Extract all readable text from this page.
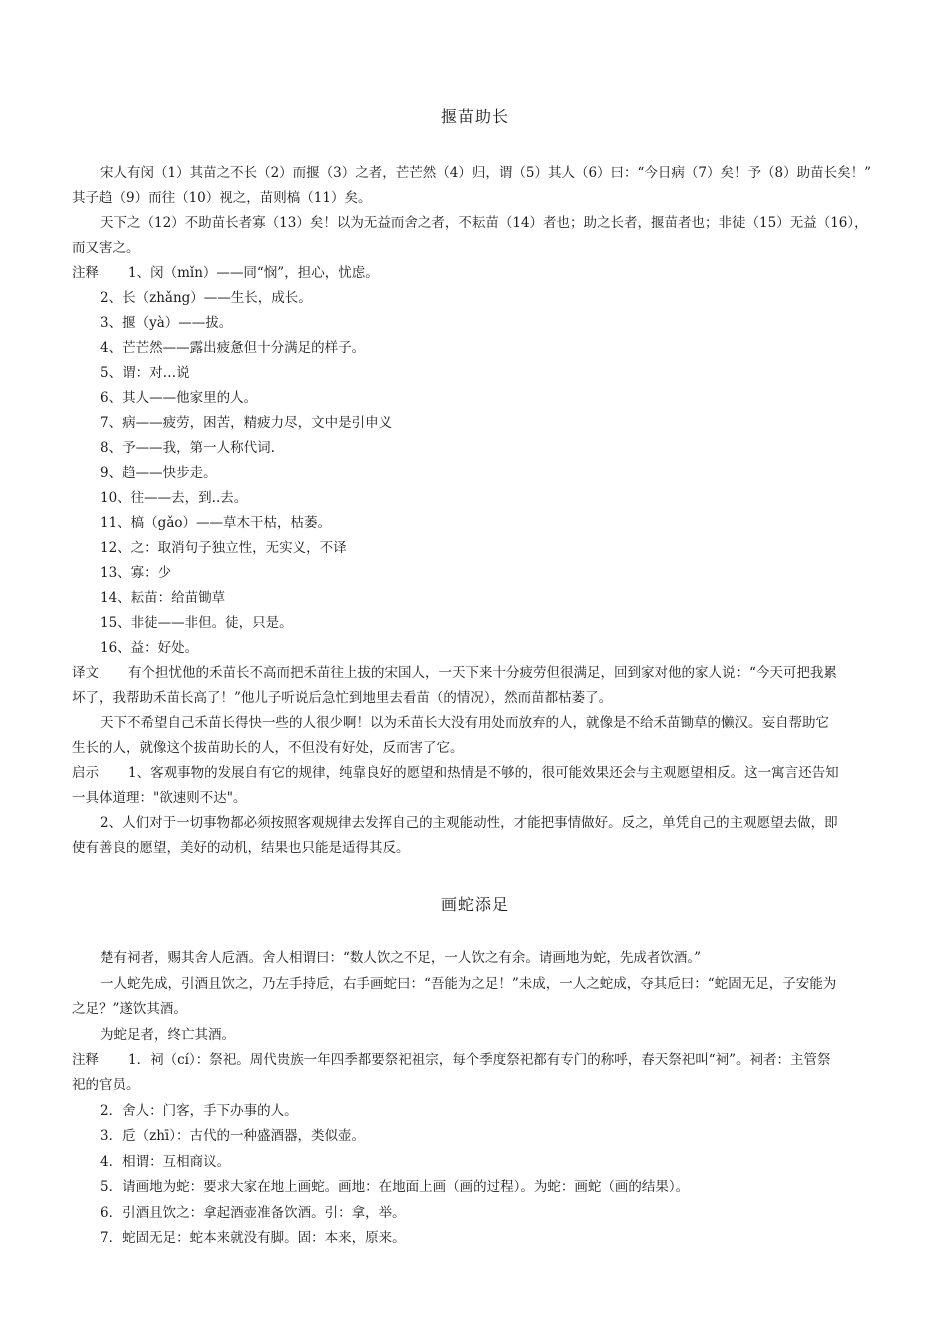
揠苗助长
宋人有闵（1）其苗之不长（2）而揠（3）之者，芒芒然（4）归，谓（5）其人（6）曰：“今日病（7）矣！予（8）助苗长矣！”
其子趋（9）而往（10）视之，苗则槁（11）矣。
天下之（12）不助苗长者寡（13）矣！以为无益而舍之者，不耘苗（14）者也；助之长者，揠苗者也；非徒（15）无益（16），
而又害之。
注释 1、闵（mǐn）——同“悯”，担心，忧虑。
2、长（zhǎng）——生长，成长。
3、揠（yà）——拔。
4、芒芒然——露出疲惫但十分满足的样子。
5、谓：对…说
6、其人——他家里的人。
7、病——疲劳，困苦，精疲力尽，文中是引申义
8、予——我，第一人称代词.
9、趋——快步走。
10、往——去，到..去。
11、槁（gǎo）——草木干枯，枯萎。
12、之：取消句子独立性，无实义，不译
13、寡：少
14、耘苗：给苗锄草
15、非徒——非但。徒，只是。
16、益：好处。
译文 有个担忧他的禾苗长不高而把禾苗往上拔的宋国人，一天下来十分疲劳但很满足，回到家对他的家人说：“今天可把我累
坏了，我帮助禾苗长高了！”他儿子听说后急忙到地里去看苗（的情况），然而苗都枯萎了。
天下不希望自己禾苗长得快一些的人很少啊！以为禾苗长大没有用处而放弃的人，就像是不给禾苗锄草的懒汉。妄自帮助它
生长的人，就像这个拔苗助长的人，不但没有好处，反而害了它。
启示 1、客观事物的发展自有它的规律，纯靠良好的愿望和热情是不够的，很可能效果还会与主观愿望相反。这一寓言还告知
一具体道理："欲速则不达"。
2、人们对于一切事物都必须按照客观规律去发挥自己的主观能动性，才能把事情做好。反之，单凭自己的主观愿望去做，即
使有善良的愿望，美好的动机，结果也只能是适得其反。
画蛇添足
楚有祠者，赐其舍人卮酒。舍人相谓曰：“数人饮之不足，一人饮之有余。请画地为蛇，先成者饮酒。”
一人蛇先成，引酒且饮之，乃左手持卮，右手画蛇曰：“吾能为之足！”未成，一人之蛇成，夺其卮曰：“蛇固无足，子安能为
之足？”遂饮其酒。
为蛇足者，终亡其酒。
注释 1．祠（cí）：祭祀。周代贵族一年四季都要祭祀祖宗，每个季度祭祀都有专门的称呼，春天祭祀叫“祠”。祠者：主管祭
祀的官员。
2．舍人：门客，手下办事的人。
3．卮（zhī）：古代的一种盛酒器，类似壶。
4．相谓：互相商议。
5．请画地为蛇：要求大家在地上画蛇。画地：在地面上画（画的过程）。为蛇：画蛇（画的结果）。
6．引酒且饮之：拿起酒壶准备饮酒。引：拿，举。
7．蛇固无足：蛇本来就没有脚。固：本来，原来。
